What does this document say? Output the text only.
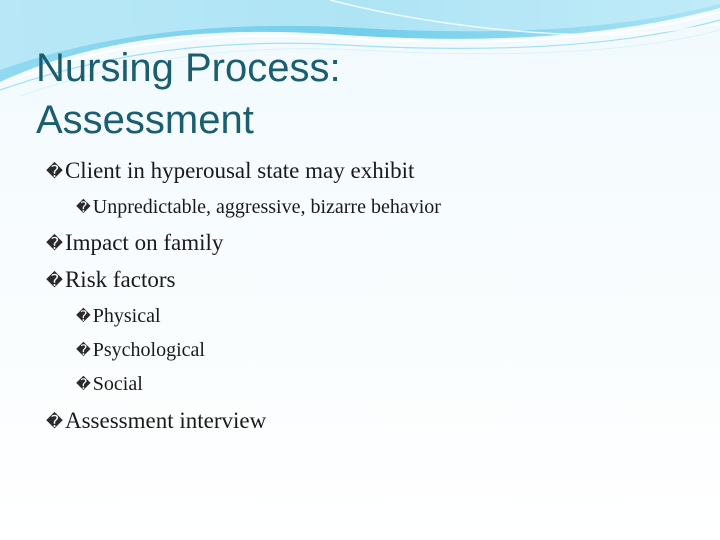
Nursing Process:
Assessment
�Client in hyperousal state may exhibit
� Unpredictable, aggressive, bizarre behavior
�Impact on family
�Risk factors
� Physical
� Psychological
� Social
�Assessment interview
